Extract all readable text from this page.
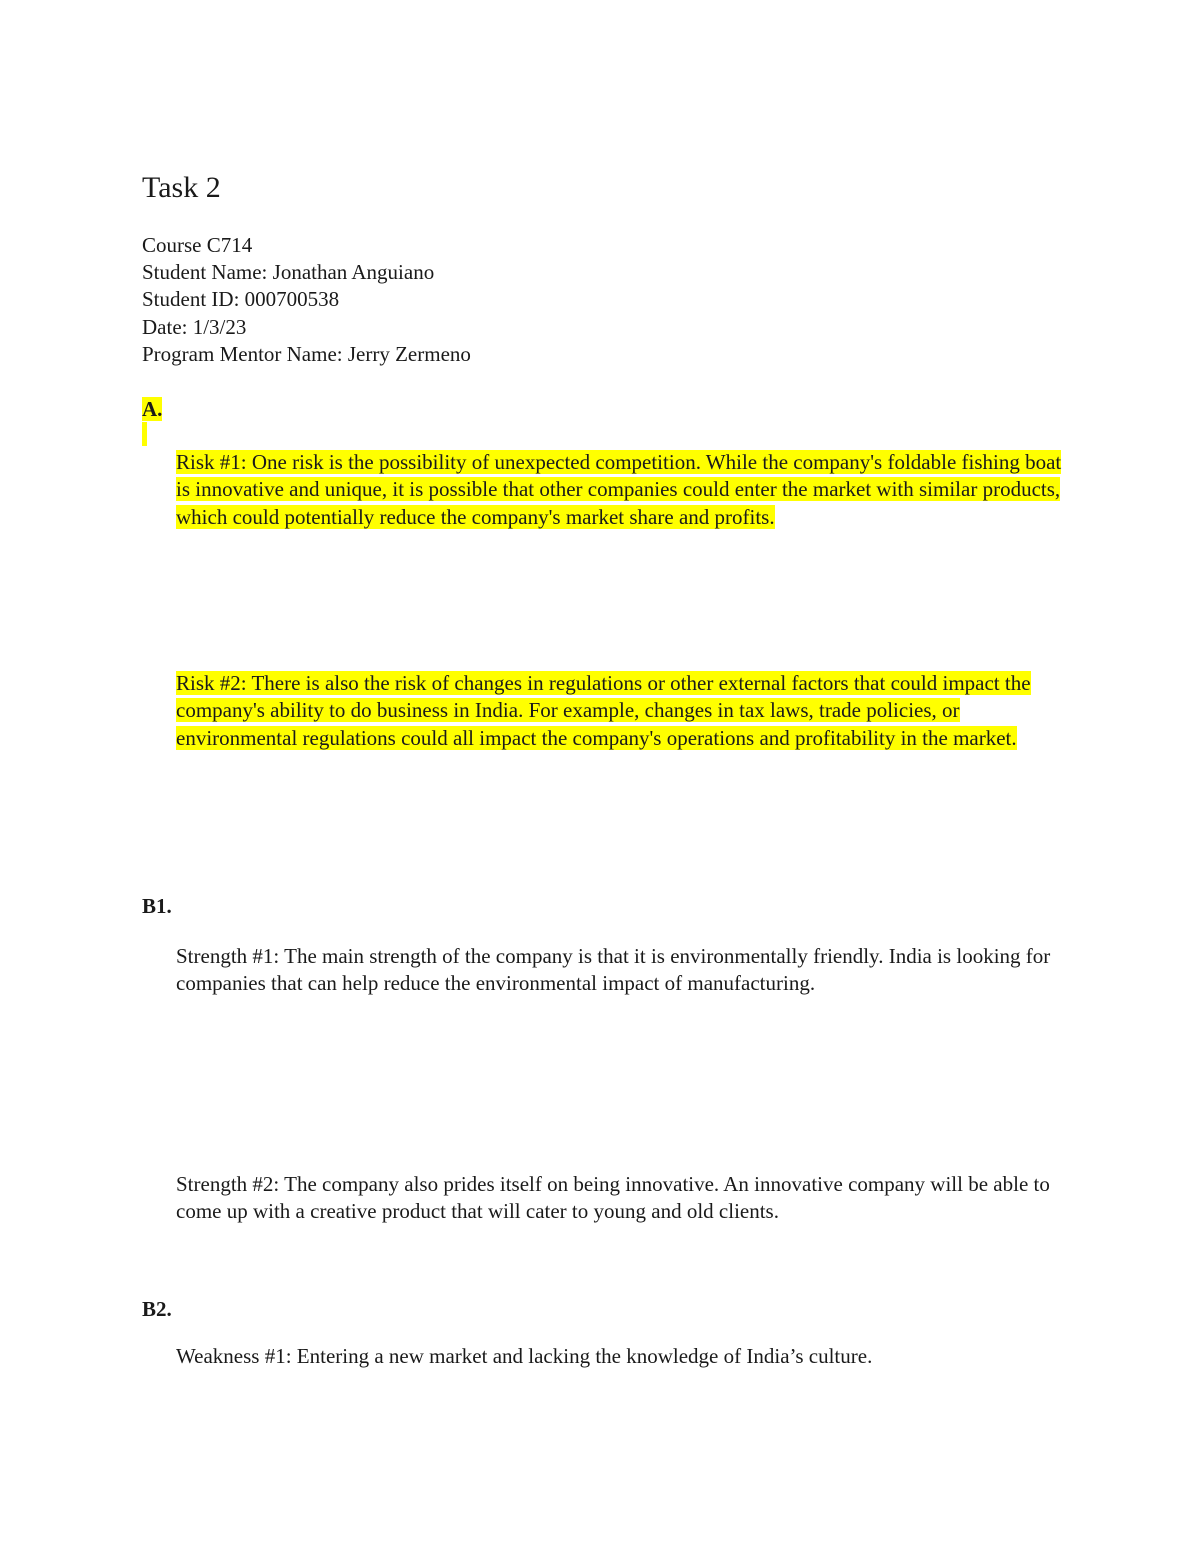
Task 2
Course C714
Student Name: Jonathan Anguiano
Student ID: 000700538
Date: 1/3/23
Program Mentor Name: Jerry Zermeno
A.

Risk #1: One risk is the possibility of unexpected competition. While the company's foldable fishing boat is innovative and unique, it is possible that other companies could enter the market with similar products, which could potentially reduce the company's market share and profits.

Risk #2: There is also the risk of changes in regulations or other external factors that could impact the company's ability to do business in India. For example, changes in tax laws, trade policies, or environmental regulations could all impact the company's operations and profitability in the market.

B1.

Strength #1: The main strength of the company is that it is environmentally friendly. India is looking for companies that can help reduce the environmental impact of manufacturing.

Strength #2: The company also prides itself on being innovative. An innovative company will be able to come up with a creative product that will cater to young and old clients.

B2.

Weakness #1: Entering a new market and lacking the knowledge of India’s culture.
